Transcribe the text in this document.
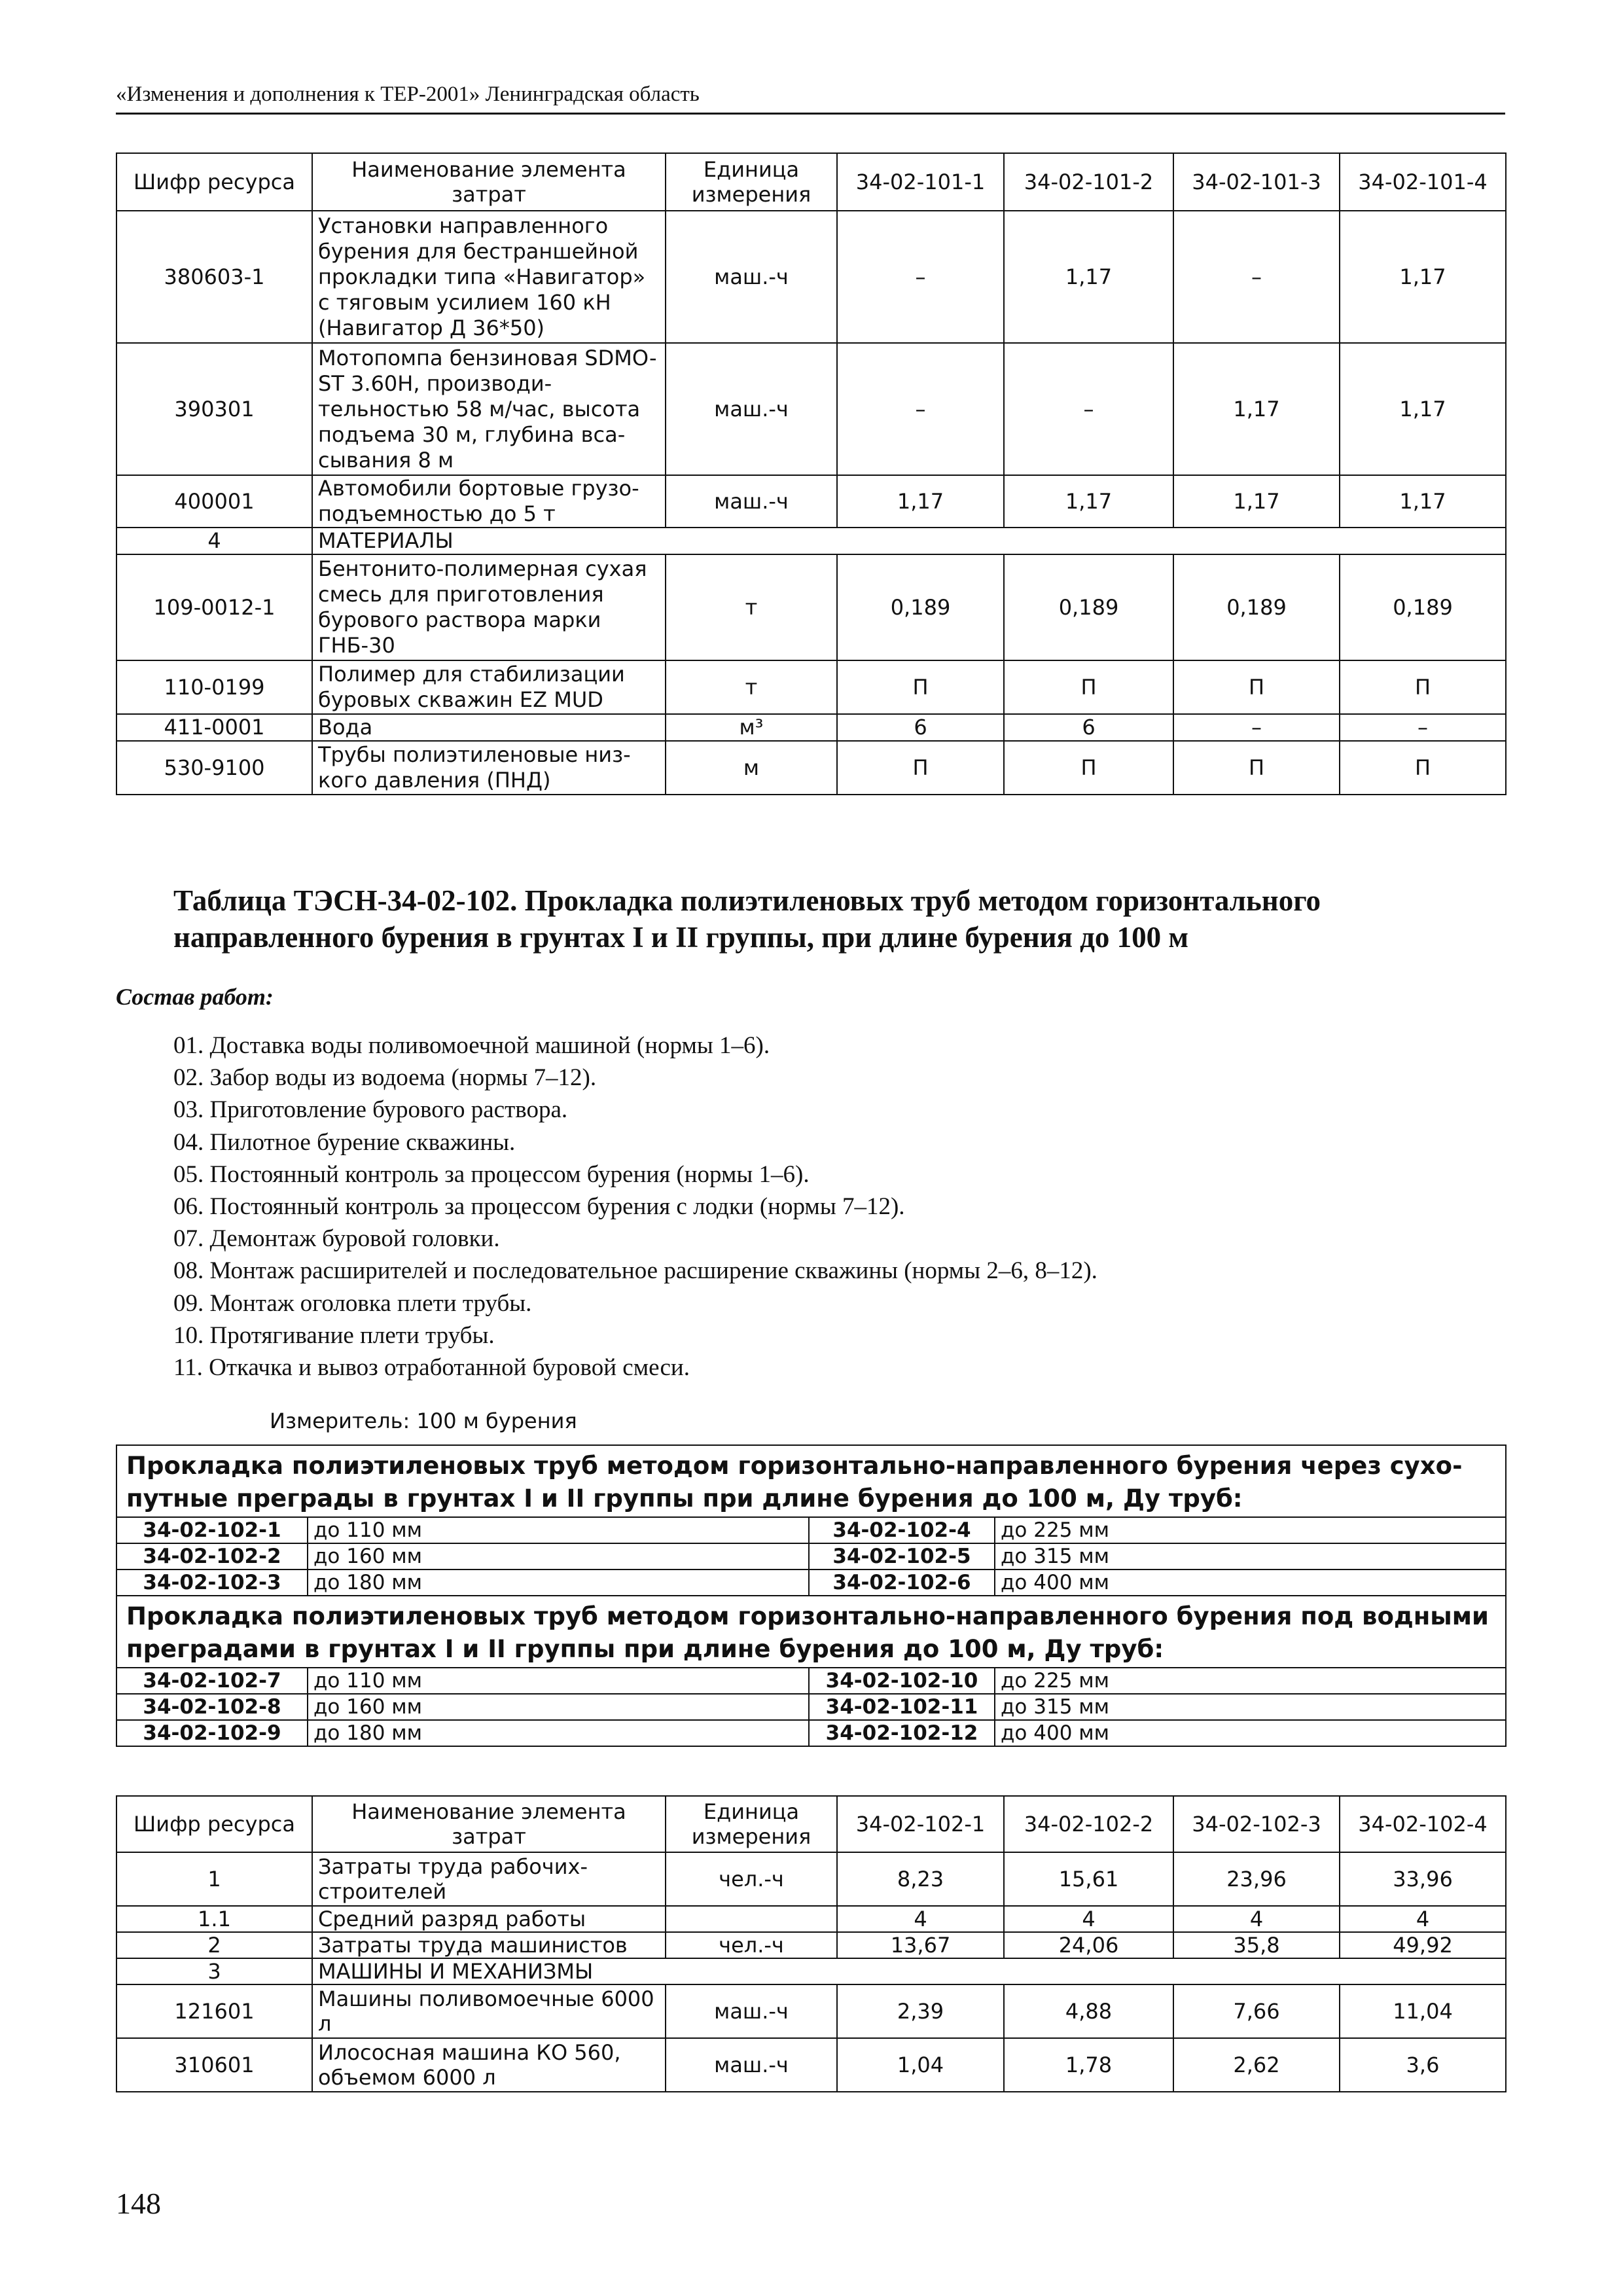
«Изменения и дополнения к ТЕР-2001» Ленинградская область
Шифр ресурса	Наименование элемента затрат	Единица измерения	34-02-101-1	34-02-101-2	34-02-101-3	34-02-101-4
380603-1	Установки направленного бурения для бестраншейной прокладки типа «Навигатор» с тяговым усилием 160 кН (Навигатор Д 36*50)	маш.-ч	–	1,17	–	1,17
390301	Мотопомпа бензиновая SDMO-ST 3.60Н, производи-тельностью 58 м/час, высота подъема 30 м, глубина вса-сывания 8 м	маш.-ч	–	–	1,17	1,17
400001	Автомобили бортовые грузо-подъемностью до 5 т	маш.-ч	1,17	1,17	1,17	1,17
4	МАТЕРИАЛЫ					
109-0012-1	Бентонито-полимерная сухая смесь для приготовления бурового раствора марки ГНБ-30	т	0,189	0,189	0,189	0,189
110-0199	Полимер для стабилизации буровых скважин EZ MUD	т	П	П	П	П
411-0001	Вода	м³	6	6	–	–
530-9100	Трубы полиэтиленовые низ-кого давления (ПНД)	м	П	П	П	П
Таблица ТЭСН-34-02-102. Прокладка полиэтиленовых труб методом горизонтального направленного бурения в грунтах I и II группы, при длине бурения до 100 м
Состав работ:
01. Доставка воды поливомоечной машиной (нормы 1–6).
02. Забор воды из водоема (нормы 7–12).
03. Приготовление бурового раствора.
04. Пилотное бурение скважины.
05. Постоянный контроль за процессом бурения (нормы 1–6).
06. Постоянный контроль за процессом бурения с лодки (нормы 7–12).
07. Демонтаж буровой головки.
08. Монтаж расширителей и последовательное расширение скважины (нормы 2–6, 8–12).
09. Монтаж оголовка плети трубы.
10. Протягивание плети трубы.
11. Откачка и вывоз отработанной буровой смеси.
Измеритель: 100 м бурения
Прокладка полиэтиленовых труб методом горизонтально-направленного бурения через сухо-путные преграды в грунтах I и II группы при длине бурения до 100 м, Ду труб:			
34-02-102-1	до 110 мм	34-02-102-4	до 225 мм
34-02-102-2	до 160 мм	34-02-102-5	до 315 мм
34-02-102-3	до 180 мм	34-02-102-6	до 400 мм
Прокладка полиэтиленовых труб методом горизонтально-направленного бурения под водными преградами в грунтах I и II группы при длине бурения до 100 м, Ду труб:			
34-02-102-7	до 110 мм	34-02-102-10	до 225 мм
34-02-102-8	до 160 мм	34-02-102-11	до 315 мм
34-02-102-9	до 180 мм	34-02-102-12	до 400 мм
Шифр ресурса	Наименование элемента затрат	Единица измерения	34-02-102-1	34-02-102-2	34-02-102-3	34-02-102-4
1	Затраты труда рабочих-строителей	чел.-ч	8,23	15,61	23,96	33,96
1.1	Средний разряд работы		4	4	4	4
2	Затраты труда машинистов	чел.-ч	13,67	24,06	35,8	49,92
3	МАШИНЫ И МЕХАНИЗМЫ					
121601	Машины поливомоечные 6000 л	маш.-ч	2,39	4,88	7,66	11,04
310601	Илососная машина КО 560, объемом 6000 л	маш.-ч	1,04	1,78	2,62	3,6
148
